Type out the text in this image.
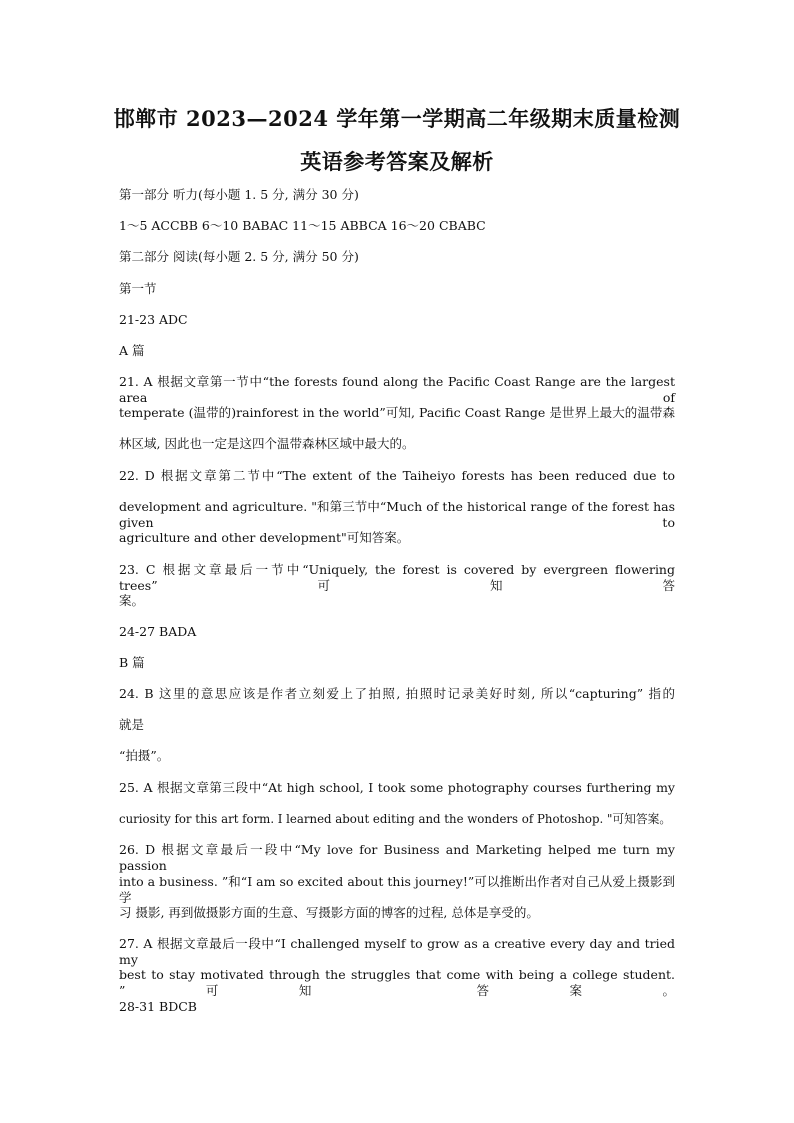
邯郸市 2023—2024 学年第一学期高二年级期末质量检测
英语参考答案及解析
第一部分 听力(每小题 1. 5 分, 满分 30 分)
1～5 ACCBB 6～10 BABAC 11～15 ABBCA 16～20 CBABC
第二部分 阅读(每小题 2. 5 分, 满分 50 分)
第一节
21-23 ADC
A 篇
21. A 根据文章第一节中“the forests found along the Pacific Coast Range are the largest area of
temperate (温带的)rainforest in the world”可知, Pacific Coast Range 是世界上最大的温带森
林区域, 因此也一定是这四个温带森林区域中最大的。
22. D 根据文章第二节中“The extent of the Taiheiyo forests has been reduced due to
development and agriculture. "和第三节中“Much of the historical range of the forest has given to
agriculture and other development"可知答案。
23. C 根据文章最后一节中“Uniquely, the forest is covered by evergreen flowering trees”可知答
案。
24-27 BADA
B 篇
24. B 这里的意思应该是作者立刻爱上了拍照, 拍照时记录美好时刻, 所以“capturing” 指的
就是
“拍摄”。
25. A 根据文章第三段中“At high school, I took some photography courses furthering my
curiosity for this art form. I learned about editing and the wonders of Photoshop. "可知答案。
26. D 根据文章最后一段中“My love for Business and Marketing helped me turn my passion
into a business. ”和“I am so excited about this journey!”可以推断出作者对自己从爱上摄影到学
习 摄影, 再到做摄影方面的生意、写摄影方面的博客的过程, 总体是享受的。
27. A 根据文章最后一段中“I challenged myself to grow as a creative every day and tried my
best to stay motivated through the struggles that come with being a college student. ”可知 答案。
28-31 BDCB
